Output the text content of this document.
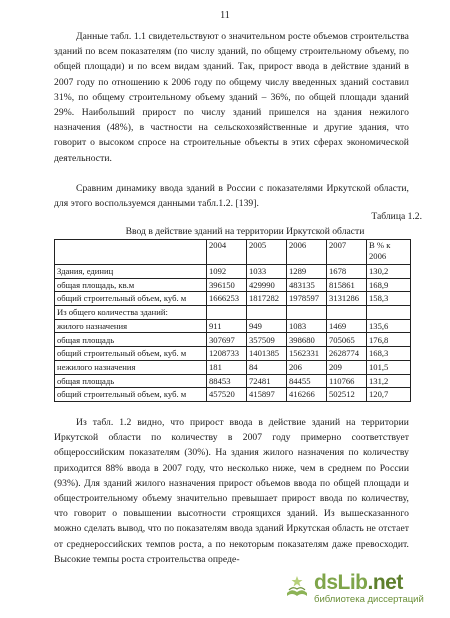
11

Данные табл. 1.1 свидетельствуют о значительном росте объемов строительства зданий по всем показателям (по числу зданий, по общему строительному объему, по общей площади) и по всем видам зданий. Так, прирост ввода в действие зданий в 2007 году по отношению к 2006 году по общему числу введенных зданий составил 31%, по общему строительному объему зданий – 36%, по общей площади зданий 29%. Наибольший прирост по числу зданий пришелся на здания нежилого назначения (48%), в частности на сельскохозяйственные и другие здания, что говорит о высоком спросе на строительные объекты в этих сферах экономической деятельности.

Сравним динамику ввода зданий в России с показателями Иркутской области, для этого воспользуемся данными табл.1.2. [139].

Таблица 1.2.
Ввод в действие зданий на территории Иркутской области
	2004	2005	2006	2007	В % к 2006
Здания, единиц	1092	1033	1289	1678	130,2
общая площадь, кв.м	396150	429990	483135	815861	168,9
общий строительный объем, куб. м	1666253	1817282	1978597	3131286	158,3
Из общего количества зданий:					
жилого назначения	911	949	1083	1469	135,6
общая площадь	307697	357509	398680	705065	176,8
общий строительный объем, куб. м	1208733	1401385	1562331	2628774	168,3
нежилого назначения	181	84	206	209	101,5
общая площадь	88453	72481	84455	110766	131,2
общий строительный объем, куб. м	457520	415897	416266	502512	120,7

Из табл. 1.2 видно, что прирост ввода в действие зданий на территории Иркутской области по количеству в 2007 году примерно соответствует общероссийским показателям (30%). На здания жилого назначения по количеству приходится 88% ввода в 2007 году, что несколько ниже, чем в среднем по России (93%). Для зданий жилого назначения прирост объемов ввода по общей площади и общестроительному объему значительно превышает прирост ввода по количеству, что говорит о повышении высотности строящихся зданий. Из вышесказанного можно сделать вывод, что по показателям ввода зданий Иркутская область не отстает от среднероссийских темпов роста, а по некоторым показателям даже превосходит. Высокие темпы роста строительства опреде-

dsLib.net
библиотека диссертаций
